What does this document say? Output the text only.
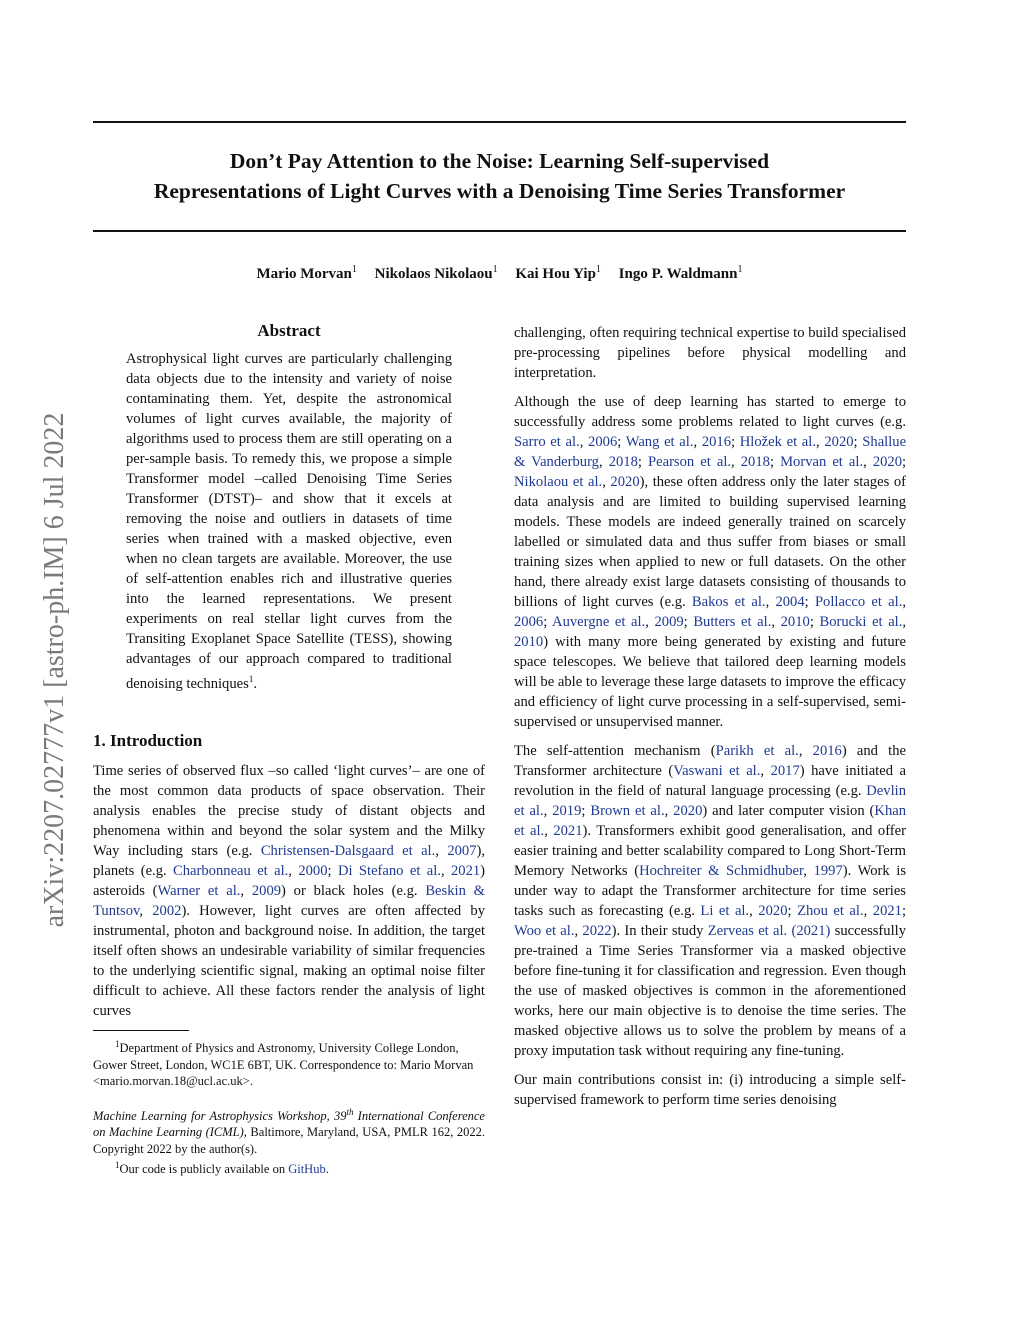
Don’t Pay Attention to the Noise: Learning Self-supervised
Representations of Light Curves with a Denoising Time Series Transformer
Mario Morvan$^1$ Nikolaos Nikolaou$^1$ Kai Hou Yip$^1$ Ingo P. Waldmann$^1$
arXiv:2207.02777v1 [astro-ph.IM] 6 Jul 2022
Abstract
Astrophysical light curves are particularly challenging data objects due to the intensity and variety of noise contaminating them. Yet, despite the astronomical volumes of light curves available, the majority of algorithms used to process them are still operating on a per-sample basis. To remedy this, we propose a simple Transformer model –called Denoising Time Series Transformer (DTST)– and show that it excels at removing the noise and outliers in datasets of time series when trained with a masked objective, even when no clean targets are available. Moreover, the use of self-attention enables rich and illustrative queries into the learned representations. We present experiments on real stellar light curves from the Transiting Exoplanet Space Satellite (TESS), showing advantages of our approach compared to traditional denoising techniques$^1$.
1. Introduction

Time series of observed flux –so called ‘light curves’– are one of the most common data products of space observation. Their analysis enables the precise study of distant objects and phenomena within and beyond the solar system and the Milky Way including stars (e.g. Christensen-Dalsgaard et al., 2007), planets (e.g. Charbonneau et al., 2000; Di Stefano et al., 2021) asteroids (Warner et al., 2009) or black holes (e.g. Beskin & Tuntsov, 2002). However, light curves are often affected by instrumental, photon and background noise. In addition, the target itself often shows an undesirable variability of similar frequencies to the underlying scientific signal, making an optimal noise filter difficult to achieve. All these factors render the analysis of light curves

$^1$Department of Physics and Astronomy, University College London, Gower Street, London, WC1E 6BT, UK. Correspondence to: Mario Morvan <mario.morvan.18@ucl.ac.uk>.
Machine Learning for Astrophysics Workshop, 39th International Conference on Machine Learning (ICML), Baltimore, Maryland, USA, PMLR 162, 2022. Copyright 2022 by the author(s).
$^1$Our code is publicly available on GitHub.

challenging, often requiring technical expertise to build specialised pre-processing pipelines before physical modelling and interpretation.

Although the use of deep learning has started to emerge to successfully address some problems related to light curves (e.g. Sarro et al., 2006; Wang et al., 2016; Hložek et al., 2020; Shallue & Vanderburg, 2018; Pearson et al., 2018; Morvan et al., 2020; Nikolaou et al., 2020), these often address only the later stages of data analysis and are limited to building supervised learning models. These models are indeed generally trained on scarcely labelled or simulated data and thus suffer from biases or small training sizes when applied to new or full datasets. On the other hand, there already exist large datasets consisting of thousands to billions of light curves (e.g. Bakos et al., 2004; Pollacco et al., 2006; Auvergne et al., 2009; Butters et al., 2010; Borucki et al., 2010) with many more being generated by existing and future space telescopes. We believe that tailored deep learning models will be able to leverage these large datasets to improve the efficacy and efficiency of light curve processing in a self-supervised, semi-supervised or unsupervised manner.

The self-attention mechanism (Parikh et al., 2016) and the Transformer architecture (Vaswani et al., 2017) have initiated a revolution in the field of natural language processing (e.g. Devlin et al., 2019; Brown et al., 2020) and later computer vision (Khan et al., 2021). Transformers exhibit good generalisation, and offer easier training and better scalability compared to Long Short-Term Memory Networks (Hochreiter & Schmidhuber, 1997). Work is under way to adapt the Transformer architecture for time series tasks such as forecasting (e.g. Li et al., 2020; Zhou et al., 2021; Woo et al., 2022). In their study Zerveas et al. (2021) successfully pre-trained a Time Series Transformer via a masked objective before fine-tuning it for classification and regression. Even though the use of masked objectives is common in the aforementioned works, here our main objective is to denoise the time series. The masked objective allows us to solve the problem by means of a proxy imputation task without requiring any fine-tuning.

Our main contributions consist in: (i) introducing a simple self-supervised framework to perform time series denoising
